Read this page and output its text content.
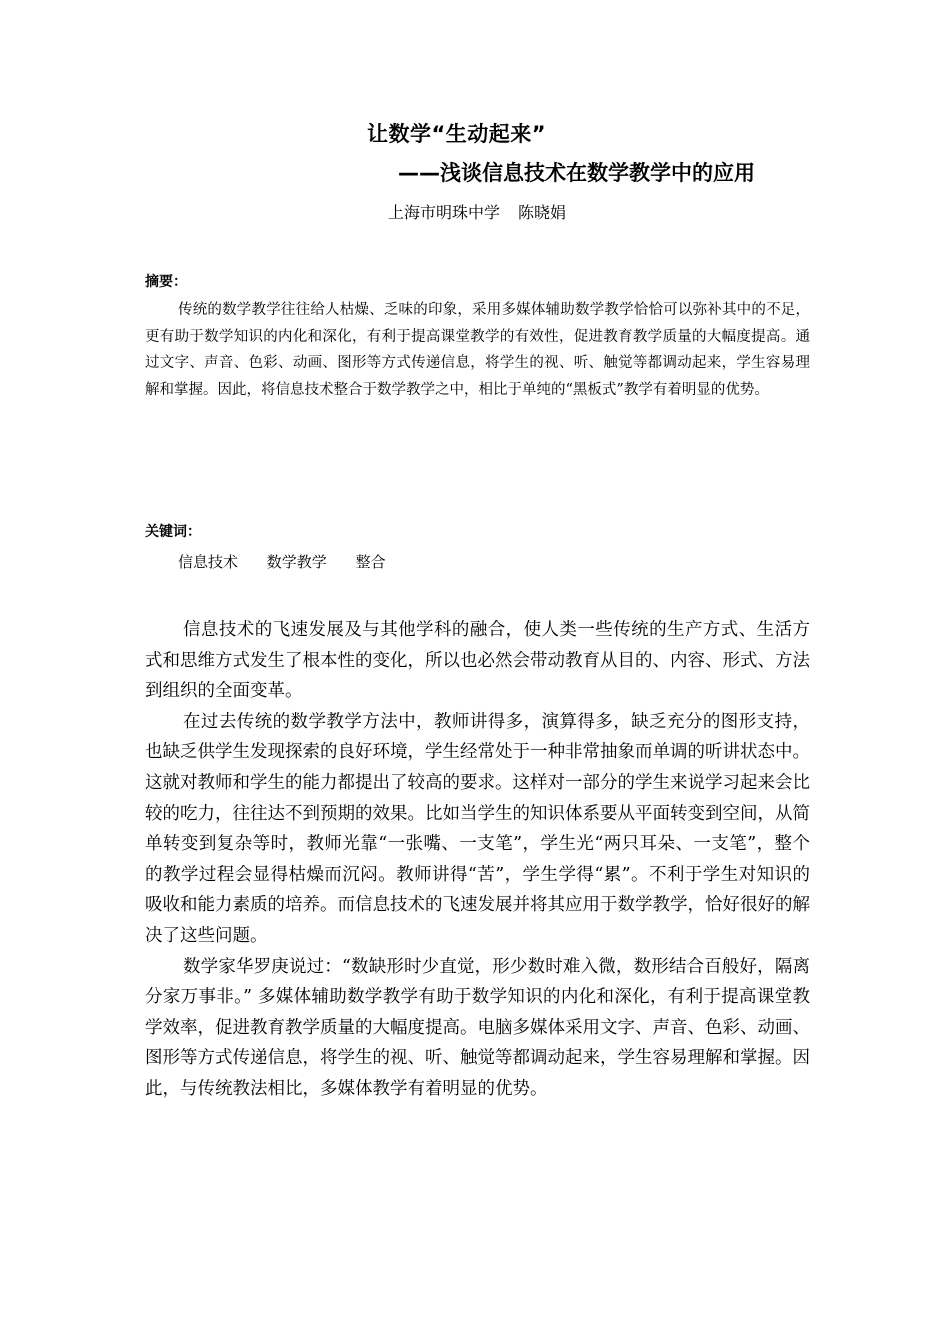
让数学“生动起来”
——浅谈信息技术在数学教学中的应用
上海市明珠中学 陈晓娟
摘要：

传统的数学教学往往给人枯燥、乏味的印象，采用多媒体辅助数学教学恰恰可以弥补其中的不足，更有助于数学知识的内化和深化，有利于提高课堂教学的有效性，促进教育教学质量的大幅度提高。通过文字、声音、色彩、动画、图形等方式传递信息，将学生的视、听、触觉等都调动起来，学生容易理解和掌握。因此，将信息技术整合于数学教学之中，相比于单纯的“黑板式”教学有着明显的优势。

关键词：
信息技术 数学教学 整合

信息技术的飞速发展及与其他学科的融合，使人类一些传统的生产方式、生活方式和思维方式发生了根本性的变化，所以也必然会带动教育从目的、内容、形式、方法到组织的全面变革。

在过去传统的数学教学方法中，教师讲得多，演算得多，缺乏充分的图形支持，也缺乏供学生发现探索的良好环境，学生经常处于一种非常抽象而单调的听讲状态中。这就对教师和学生的能力都提出了较高的要求。这样对一部分的学生来说学习起来会比较的吃力，往往达不到预期的效果。比如当学生的知识体系要从平面转变到空间，从简单转变到复杂等时，教师光靠“一张嘴、一支笔”，学生光“两只耳朵、一支笔”，整个的教学过程会显得枯燥而沉闷。教师讲得“苦”，学生学得“累”。不利于学生对知识的吸收和能力素质的培养。而信息技术的飞速发展并将其应用于数学教学，恰好很好的解决了这些问题。

数学家华罗庚说过：“数缺形时少直觉，形少数时难入微，数形结合百般好，隔离分家万事非。” 多媒体辅助数学教学有助于数学知识的内化和深化，有利于提高课堂教学效率，促进教育教学质量的大幅度提高。电脑多媒体采用文字、声音、色彩、动画、图形等方式传递信息，将学生的视、听、触觉等都调动起来，学生容易理解和掌握。因此，与传统教法相比，多媒体教学有着明显的优势。
